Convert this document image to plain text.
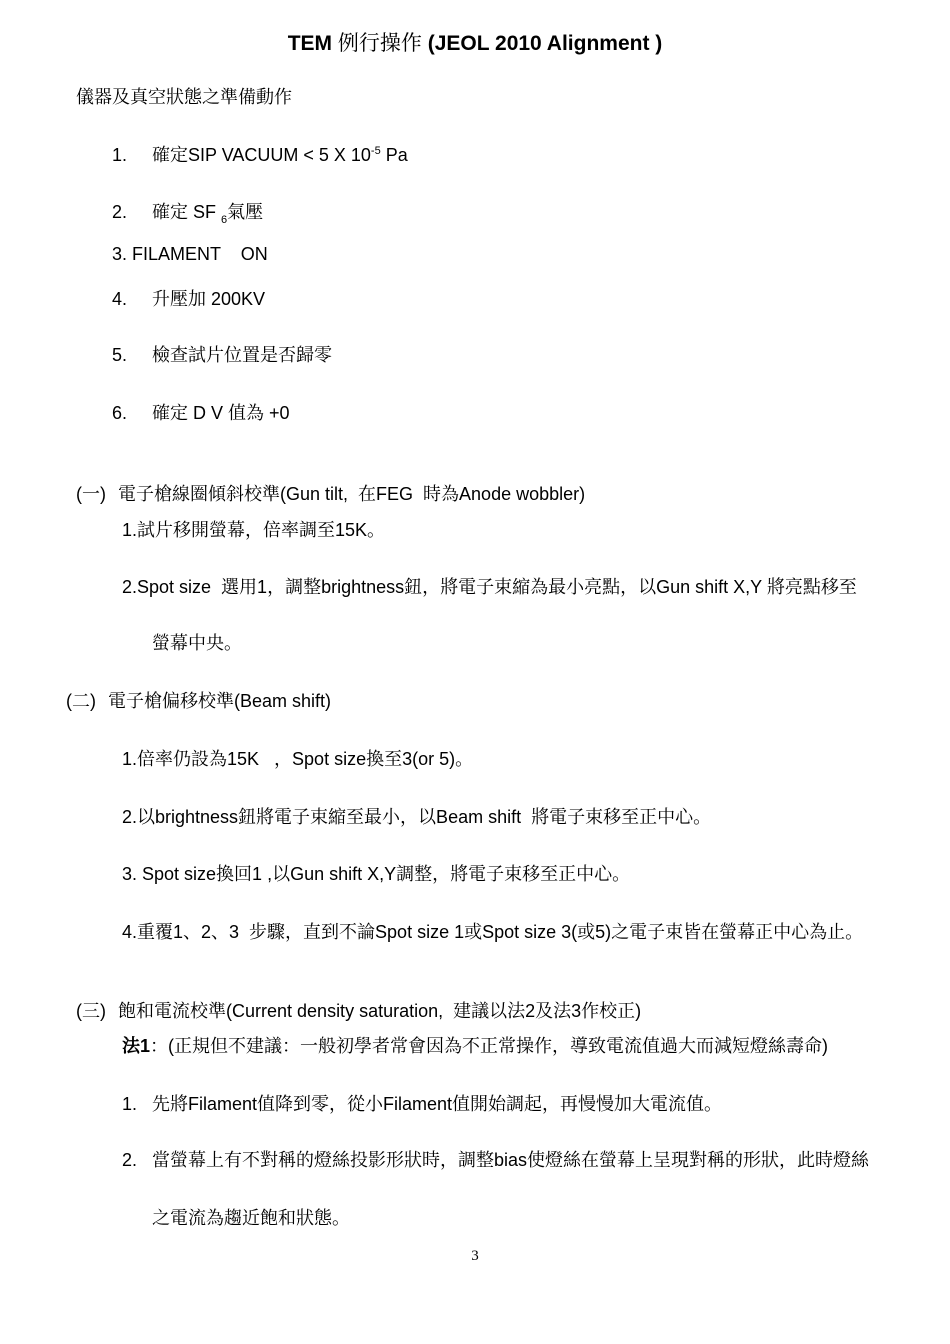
TEM 例行操作 (JEOL 2010 Alignment )
儀器及真空狀態之準備動作
1. 確定SIP VACUUM < 5 X $10^{-5}$ Pa
2. 確定 SF $_6$氣壓
3. FILAMENT    ON
4. 升壓加 200KV
5. 檢查試片位置是否歸零
6. 確定 D V 值為 +0

(一) 電子槍線圈傾斜校準(Gun tilt,  在FEG  時為Anode wobbler)

1.試片移開螢幕，倍率調至15K。
2.Spot size  選用1，調整brightness鈕，將電子束縮為最小亮點，以Gun shift X,Y 將亮點移至
螢幕中央。
(二) 電子槍偏移校準(Beam shift)
1.倍率仍設為15K   ，Spot size換至3(or 5)。
2.以brightness鈕將電子束縮至最小，以Beam shift  將電子束移至正中心。
3. Spot size換回1 ,以Gun shift X,Y調整，將電子束移至正中心。
4.重覆1、2、3  步驟，直到不論Spot size 1或Spot size 3(或5)之電子束皆在螢幕正中心為止。

(三) 飽和電流校準(Current density saturation,  建議以法2及法3作校正)

法1：(正規但不建議：一般初學者常會因為不正常操作，導致電流值過大而減短燈絲壽命)
1. 先將Filament值降到零，從小Filament值開始調起，再慢慢加大電流值。
2. 當螢幕上有不對稱的燈絲投影形狀時，調整bias使燈絲在螢幕上呈現對稱的形狀，此時燈絲
之電流為趨近飽和狀態。
3
